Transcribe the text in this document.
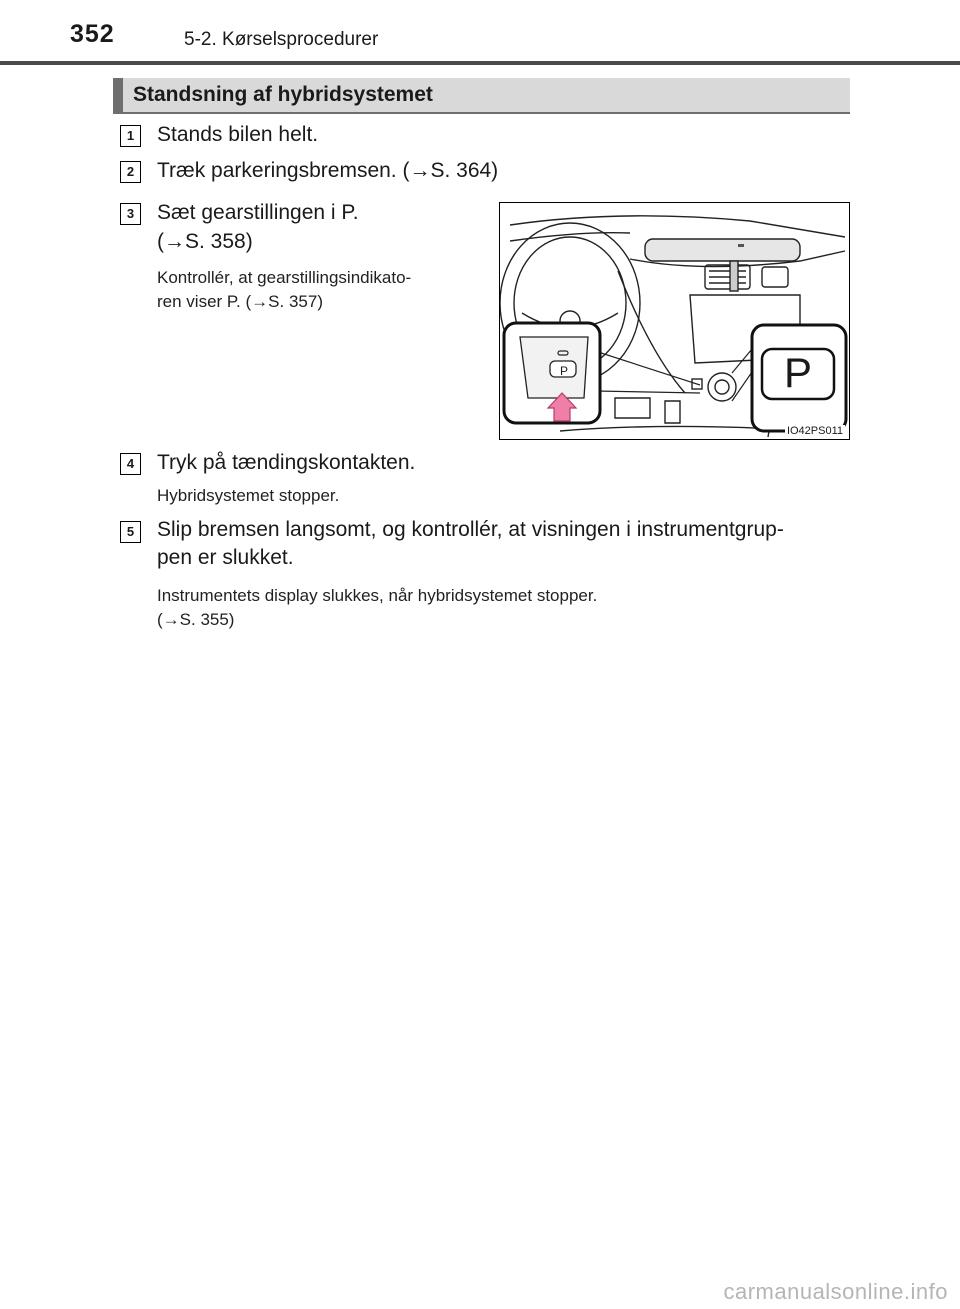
352	5-2. Kørselsprocedurer
Standsning af hybridsystemet
1	Stands bilen helt.
2	Træk parkeringsbremsen. (→S. 364)
3	Sæt gearstillingen i P.
(→S. 358)
Kontrollér, at gearstillingsindikato-
ren viser P. (→S. 357)
P	P
IO42PS011
4	Tryk på tændingskontakten.
Hybridsystemet stopper.
5	Slip bremsen langsomt, og kontrollér, at visningen i instrumentgrup-
pen er slukket.
Instrumentets display slukkes, når hybridsystemet stopper.
(→S. 355)
carmanualsonline.info
